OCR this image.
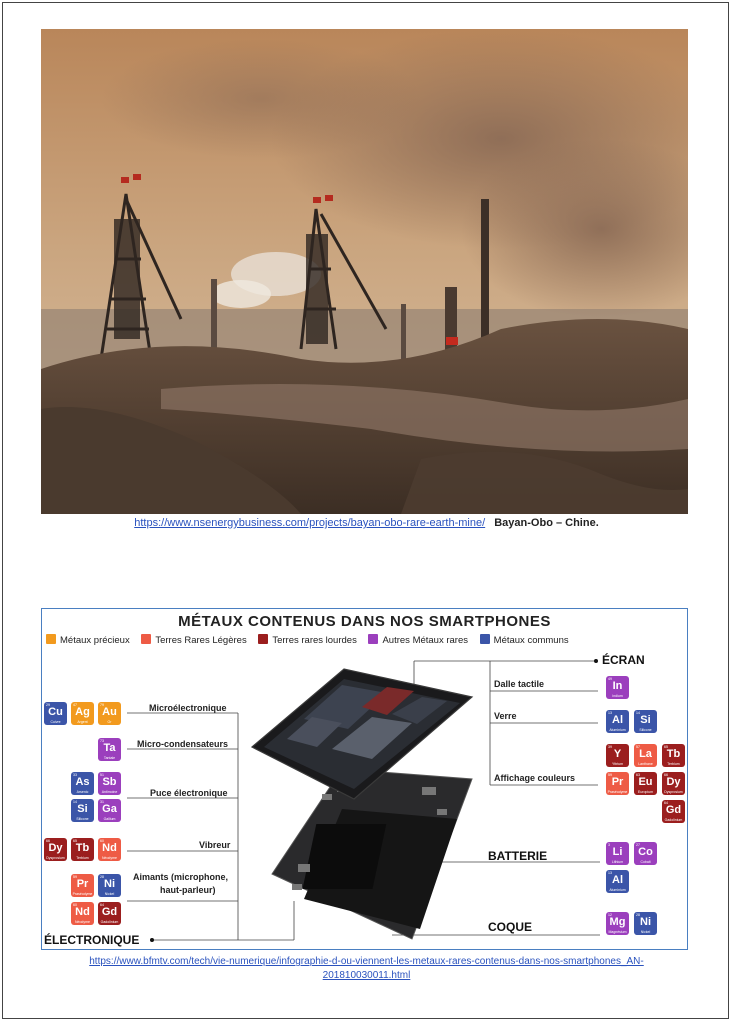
https://www.nsenergybusiness.com/projects/bayan-obo-rare-earth-mine/ Bayan-Obo – Chine.
MÉTAUX CONTENUS DANS NOS SMARTPHONES
Métaux précieux	Terres Rares Légères	Terres rares lourdes	Autres Métaux rares	Métaux communs
Microélectronique
Micro-condensateurs
Puce électronique
Vibreur
Aimants (microphone,
haut-parleur)
ÉLECTRONIQUE
ÉCRAN
Dalle tactile
Verre
Affichage couleurs
BATTERIE
COQUE
29
Cu
Cuivre
47
Ag
Argent
79
Au
Or
73
Ta
Tantale
33
As
Arsenic
51
Sb
Antimoine
14
Si
Silicone
31
Ga
Gallium
66
Dy
Dysprosium
65
Tb
Terbium
60
Nd
Néodyme
59
Pr
Praséodyme
28
Ni
Nickel
60
Nd
Néodyme
64
Gd
Gadolinium
49
In
Indium
13
Al
Aluminium
14
Si
Silicone
39
Y
Yttrium
57
La
Lanthane
65
Tb
Terbium
59
Pr
Praséodyme
63
Eu
Europium
66
Dy
Dysprosium
64
Gd
Gadolinium
3
Li
Lithium
27
Co
Cobalt
13
Al
Aluminium
12
Mg
Magnésium
28
Ni
Nickel
https://www.bfmtv.com/tech/vie-numerique/infographie-d-ou-viennent-les-metaux-rares-contenus-dans-nos-smartphones_AN-
201810030011.html
